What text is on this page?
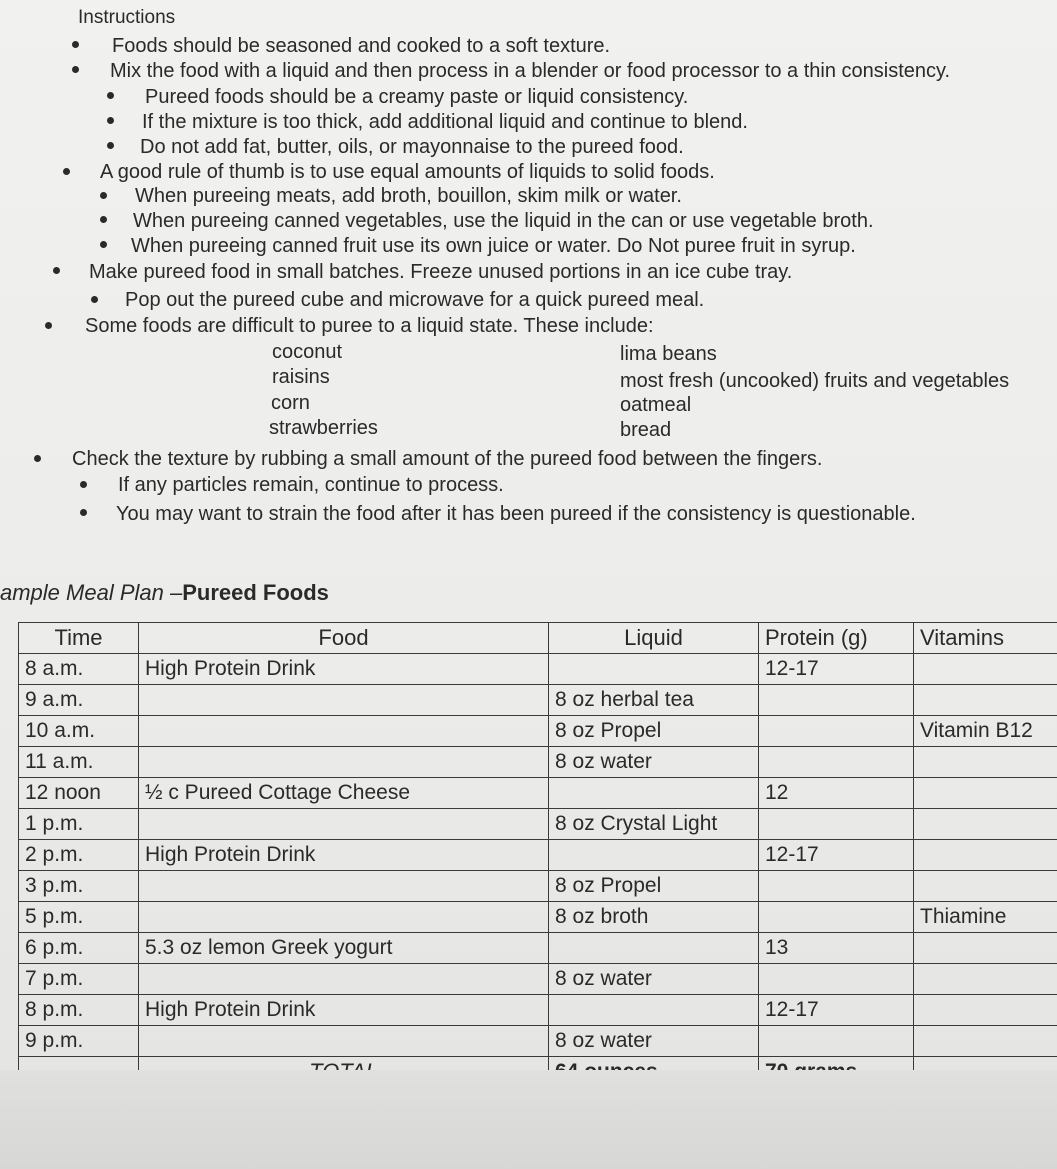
Instructions
Foods should be seasoned and cooked to a soft texture.
Mix the food with a liquid and then process in a blender or food processor to a thin consistency.
Pureed foods should be a creamy paste or liquid consistency.
If the mixture is too thick, add additional liquid and continue to blend.
Do not add fat, butter, oils, or mayonnaise to the pureed food.
A good rule of thumb is to use equal amounts of liquids to solid foods.
When pureeing meats, add broth, bouillon, skim milk or water.
When pureeing canned vegetables, use the liquid in the can or use vegetable broth.
When pureeing canned fruit use its own juice or water. Do Not puree fruit in syrup.
Make pureed food in small batches. Freeze unused portions in an ice cube tray.
Pop out the pureed cube and microwave for a quick pureed meal.
Some foods are difficult to puree to a liquid state. These include:
coconut
raisins
corn
strawberries
lima beans
most fresh (uncooked) fruits and vegetables
oatmeal
bread
Check the texture by rubbing a small amount of the pureed food between the fingers.
If any particles remain, continue to process.
You may want to strain the food after it has been pureed if the consistency is questionable.
ample Meal Plan –Pureed Foods
Time	Food	Liquid	Protein (g)	Vitamins
8 a.m.	High Protein Drink		12-17	
9 a.m.		8 oz herbal tea		
10 a.m.		8 oz Propel		Vitamin B12
11 a.m.		8 oz water		
12 noon	½ c Pureed Cottage Cheese		12	
1 p.m.		8 oz Crystal Light		
2 p.m.	High Protein Drink		12-17	
3 p.m.		8 oz Propel		
5 p.m.		8 oz broth		Thiamine
6 p.m.	5.3 oz lemon Greek yogurt		13	
7 p.m.		8 oz water		
8 p.m.	High Protein Drink		12-17	
9 p.m.		8 oz water		
